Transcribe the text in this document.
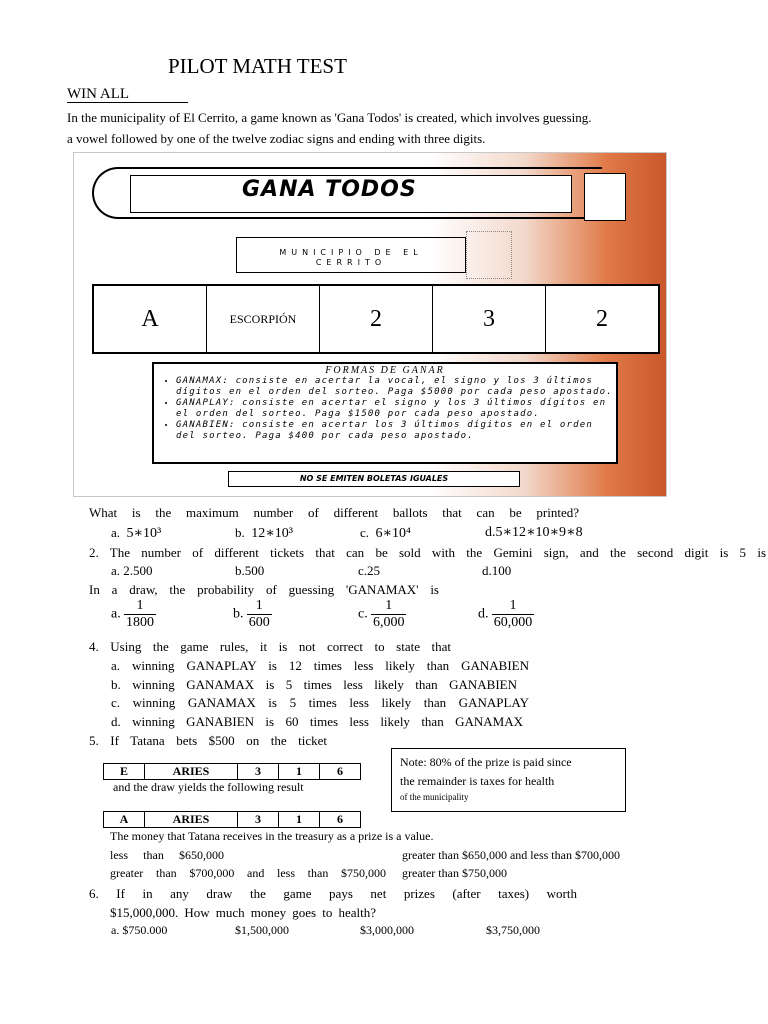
PILOT MATH TEST
WIN ALL
In the municipality of El Cerrito, a game known as 'Gana Todos' is created, which involves guessing.
a vowel followed by one of the twelve zodiac signs and ending with three digits.
GANA TODOS
MUNICIPIO DE EL CERRITO
A	ESCORPIÓN	2	3	2
FORMAS DE GANAR
• GANAMAX: consiste en acertar la vocal, el signo y los 3 últimos dígitos en el orden del sorteo. Paga $5000 por cada peso apostado.
• GANAPLAY: consiste en acertar el signo y los 3 últimos dígitos en el orden del sorteo. Paga $1500 por cada peso apostado.
• GANABIEN: consiste en acertar los 3 últimos dígitos en el orden del sorteo. Paga $400 por cada peso apostado.
NO SE EMITEN BOLETAS IGUALES
What is the maximum number of different ballots that can be printed?
a. 5∗10³	b. 12∗10³	c. 6∗10⁴	d.5∗12∗10∗9∗8
2. The number of different tickets that can be sold with the Gemini sign, and the second digit is 5 is
a. 2.500	b.500	c.25	d.100
In a draw, the probability of guessing 'GANAMAX' is
a. $\frac{1}{1800}$	b. $\frac{1}{600}$	c. $\frac{1}{6,000}$	d. $\frac{1}{60,000}$
4. Using the game rules, it is not correct to state that
a. winning GANAPLAY is 12 times less likely than GANABIEN
b. winning GANAMAX is 5 times less likely than GANABIEN
c. winning GANAMAX is 5 times less likely than GANAPLAY
d. winning GANABIEN is 60 times less likely than GANAMAX
5. If Tatana bets $500 on the ticket
E	ARIES	3	1	6
and the draw yields the following result
A	ARIES	3	1	6
Note: 80% of the prize is paid since
the remainder is taxes for health
of the municipality
The money that Tatana receives in the treasury as a prize is a value.
less than $650,000	greater than $650,000 and less than $700,000
greater than $700,000 and less than $750,000 greater than $750,000
6. If in any draw the game pays net prizes (after taxes) worth
$15,000,000. How much money goes to health?
a. $750.000	$1,500,000	$3,000,000	$3,750,000
